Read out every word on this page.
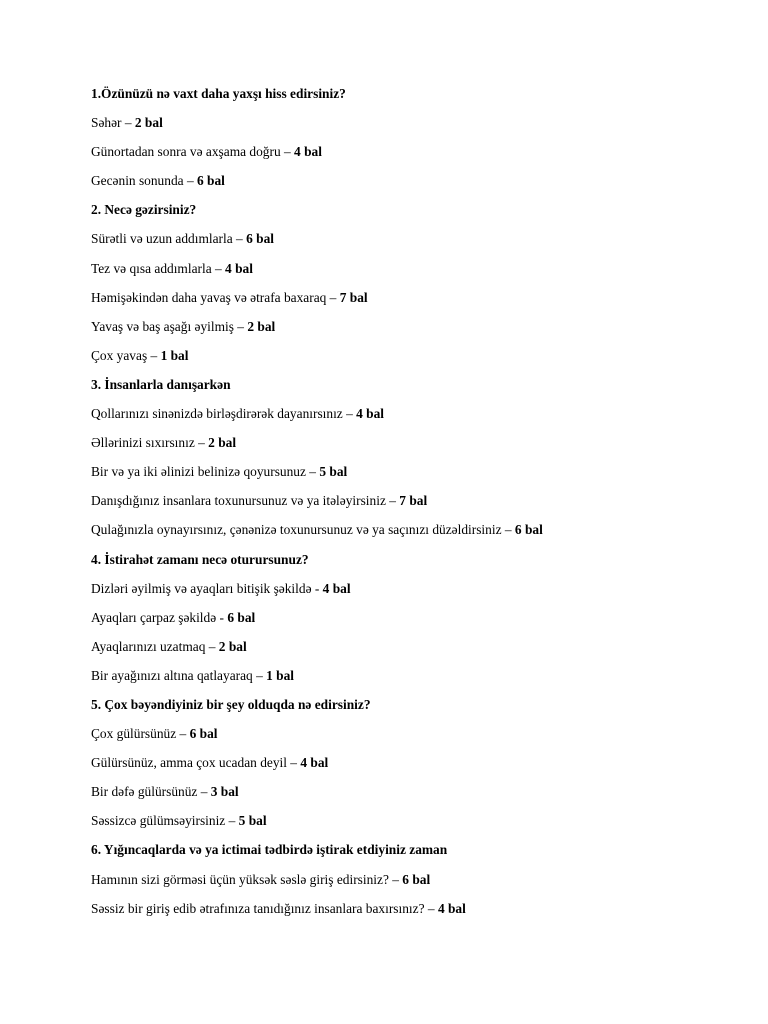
1.Özünüzü nə vaxt daha yaxşı hiss edirsiniz?
Səhər – 2 bal
Günortadan sonra və axşama doğru – 4 bal
Gecənin sonunda – 6 bal
2. Necə gəzirsiniz?
Sürətli və uzun addımlarla – 6 bal
Tez və qısa addımlarla – 4 bal
Həmişəkindən daha yavaş və ətrafa baxaraq – 7 bal
Yavaş və baş aşağı əyilmiş – 2 bal
Çox yavaş – 1 bal
3. İnsanlarla danışarkən
Qollarınızı sinənizdə birləşdirərək dayanırsınız – 4 bal
Əllərinizi sıxırsınız – 2 bal
Bir və ya iki əlinizi belinizə qoyursunuz – 5 bal
Danışdığınız insanlara toxunursunuz və ya itələyirsiniz – 7 bal
Qulağınızla oynayırsınız, çənənizə toxunursunuz və ya saçınızı düzəldirsiniz – 6 bal
4. İstirahət zamanı necə oturursunuz?
Dizləri əyilmiş və ayaqları bitişik şəkildə - 4 bal
Ayaqları çarpaz şəkildə - 6 bal
Ayaqlarınızı uzatmaq – 2 bal
Bir ayağınızı altına qatlayaraq – 1 bal
5. Çox bəyəndiyiniz bir şey olduqda nə edirsiniz?
Çox gülürsünüz – 6 bal
Gülürsünüz, amma çox ucadan deyil – 4 bal
Bir dəfə gülürsünüz – 3 bal
Səssizcə gülümsəyirsiniz – 5 bal
6. Yığıncaqlarda və ya ictimai tədbirdə iştirak etdiyiniz zaman
Hamının sizi görməsi üçün yüksək səslə giriş edirsiniz? – 6 bal
Səssiz bir giriş edib ətrafınıza tanıdığınız insanlara baxırsınız? – 4 bal
